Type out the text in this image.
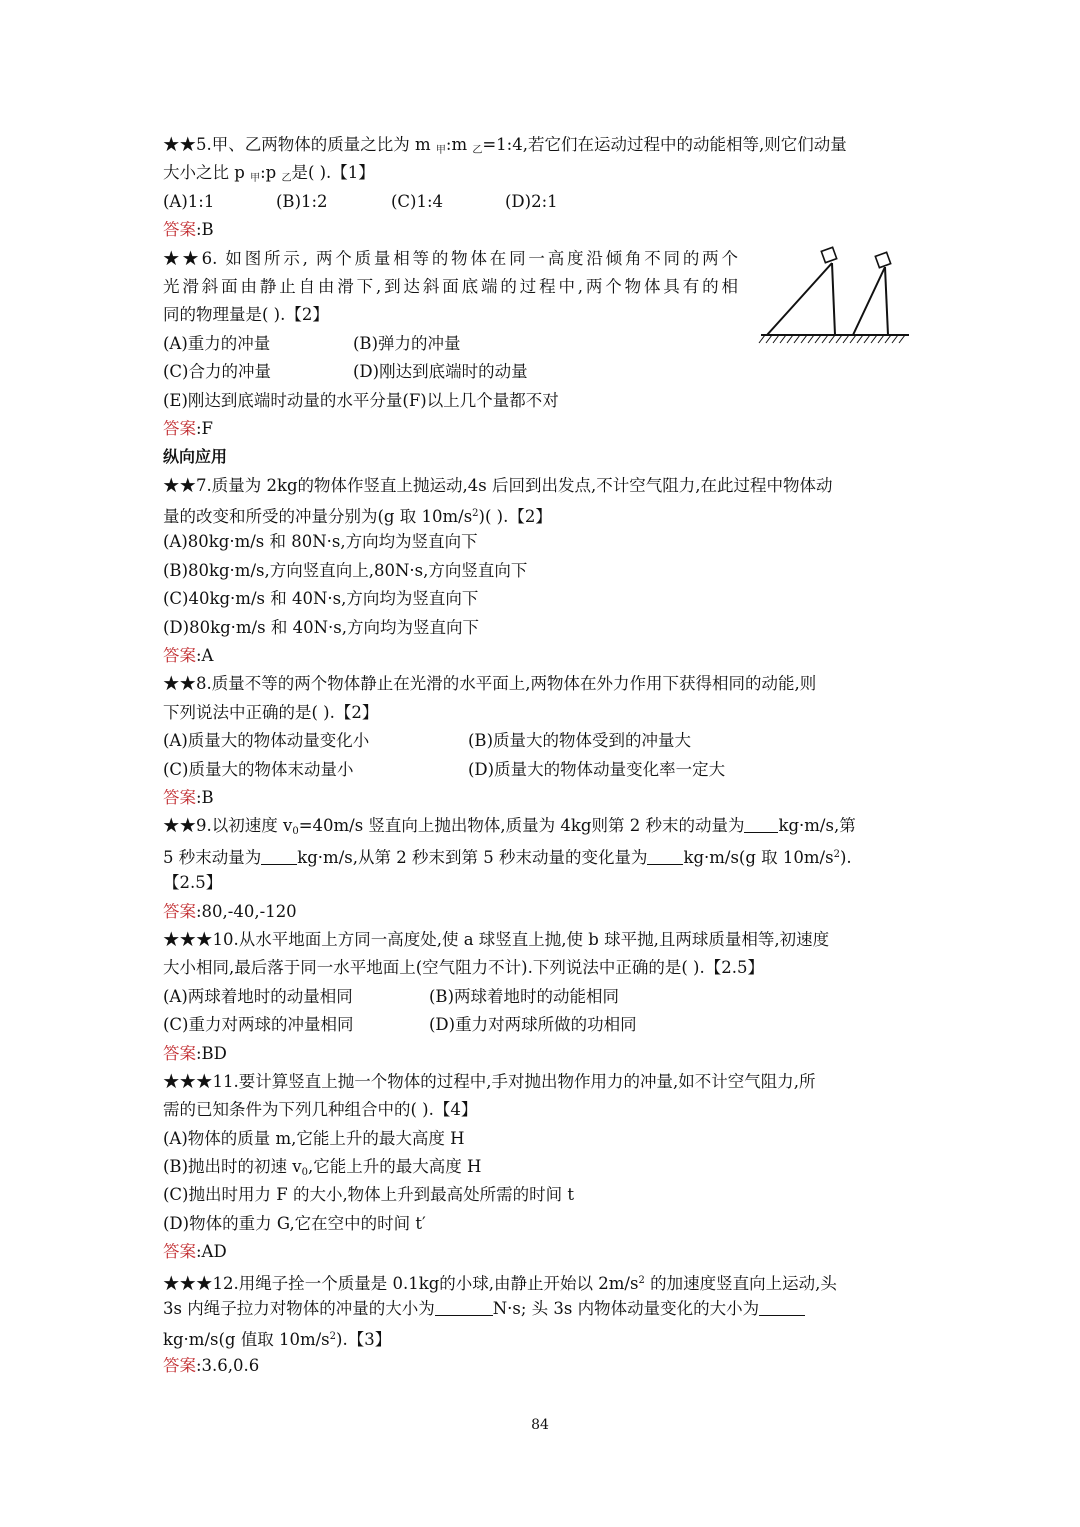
★★5.甲、乙两物体的质量之比为 m $_甲$:m $_乙$=1:4,若它们在运动过程中的动能相等,则它们动量
大小之比 p $_甲$:p $_乙$是( ).【1】
(A)1:1	(B)1:2	(C)1:4	(D)2:1
答案:B
★★6. 如图所示, 两个质量相等的物体在同一高度沿倾角不同的两个
光滑斜面由静止自由滑下,到达斜面底端的过程中,两个物体具有的相
同的物理量是( ).【2】
(A)重力的冲量	(B)弹力的冲量
(C)合力的冲量	(D)刚达到底端时的动量
(E)刚达到底端时动量的水平分量(F)以上几个量都不对
答案:F
纵向应用
★★7.质量为 2kg的物体作竖直上抛运动,4s 后回到出发点,不计空气阻力,在此过程中物体动
量的改变和所受的冲量分别为(g 取 $10m/s^2$)( ).【2】
(A)80kg·m/s 和 80N·s,方向均为竖直向下
(B)80kg·m/s,方向竖直向上,80N·s,方向竖直向下
(C)40kg·m/s 和 40N·s,方向均为竖直向下
(D)80kg·m/s 和 40N·s,方向均为竖直向下
答案:A
★★8.质量不等的两个物体静止在光滑的水平面上,两物体在外力作用下获得相同的动能,则
下列说法中正确的是( ).【2】
(A)质量大的物体动量变化小	(B)质量大的物体受到的冲量大
(C)质量大的物体末动量小	(D)质量大的物体动量变化率一定大
答案:B
★★9.以初速度 $v_0=40m/s$ 竖直向上抛出物体,质量为 4kg则第 2 秒末的动量为 kg·m/s,第
5 秒末动量为 kg·m/s,从第 2 秒末到第 5 秒末动量的变化量为 kg·m/s(g 取 $10m/s^2$).
【2.5】
答案:80,-40,-120
★★★10.从水平地面上方同一高度处,使 a 球竖直上抛,使 b 球平抛,且两球质量相等,初速度
大小相同,最后落于同一水平地面上(空气阻力不计).下列说法中正确的是( ).【2.5】
(A)两球着地时的动量相同	(B)两球着地时的动能相同
(C)重力对两球的冲量相同	(D)重力对两球所做的功相同
答案:BD
★★★11.要计算竖直上抛一个物体的过程中,手对抛出物作用力的冲量,如不计空气阻力,所
需的已知条件为下列几种组合中的( ).【4】
(A)物体的质量 m,它能上升的最大高度 H
(B)抛出时的初速 $v_0$,它能上升的最大高度 H
(C)抛出时用力 F 的大小,物体上升到最高处所需的时间 t
(D)物体的重力 G,它在空中的时间 t′
答案:AD
★★★12.用绳子拴一个质量是 0.1kg的小球,由静止开始以 $2m/s^2$ 的加速度竖直向上运动,头
3s 内绳子拉力对物体的冲量的大小为	N·s; 头 3s 内物体动量变化的大小为
kg·m/s(g 值取 $10m/s^2$).【3】
答案:3.6,0.6
84
